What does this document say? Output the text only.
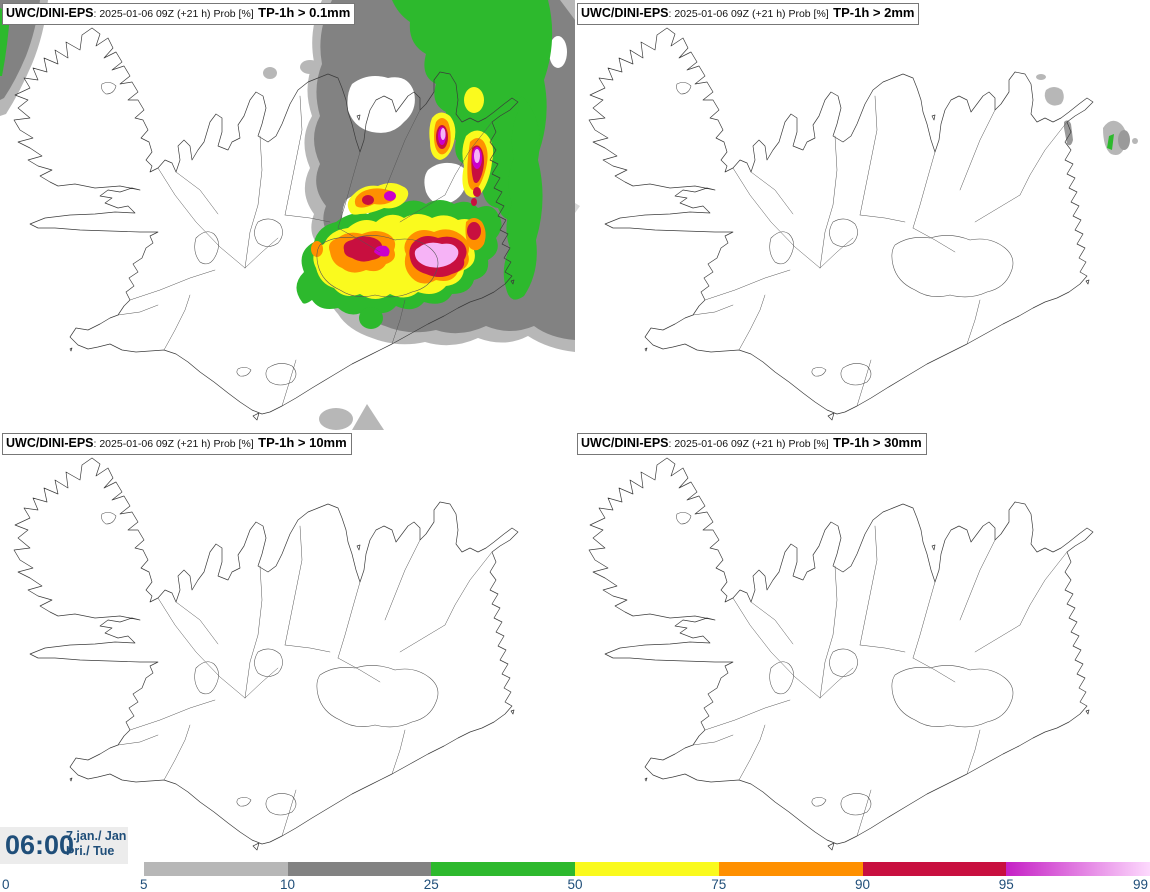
UWC/DINI-EPS: 2025-01-06 09Z (+21 h) Prob [%] TP-1h > 0.1mm	UWC/DINI-EPS: 2025-01-06 09Z (+21 h) Prob [%] TP-1h > 2mm
UWC/DINI-EPS: 2025-01-06 09Z (+21 h) Prob [%] TP-1h > 10mm	UWC/DINI-EPS: 2025-01-06 09Z (+21 h) Prob [%] TP-1h > 30mm
06:00
7.jan./ Jan
Þri./ Tue
0	5	10	25	50	75	90	95	99
